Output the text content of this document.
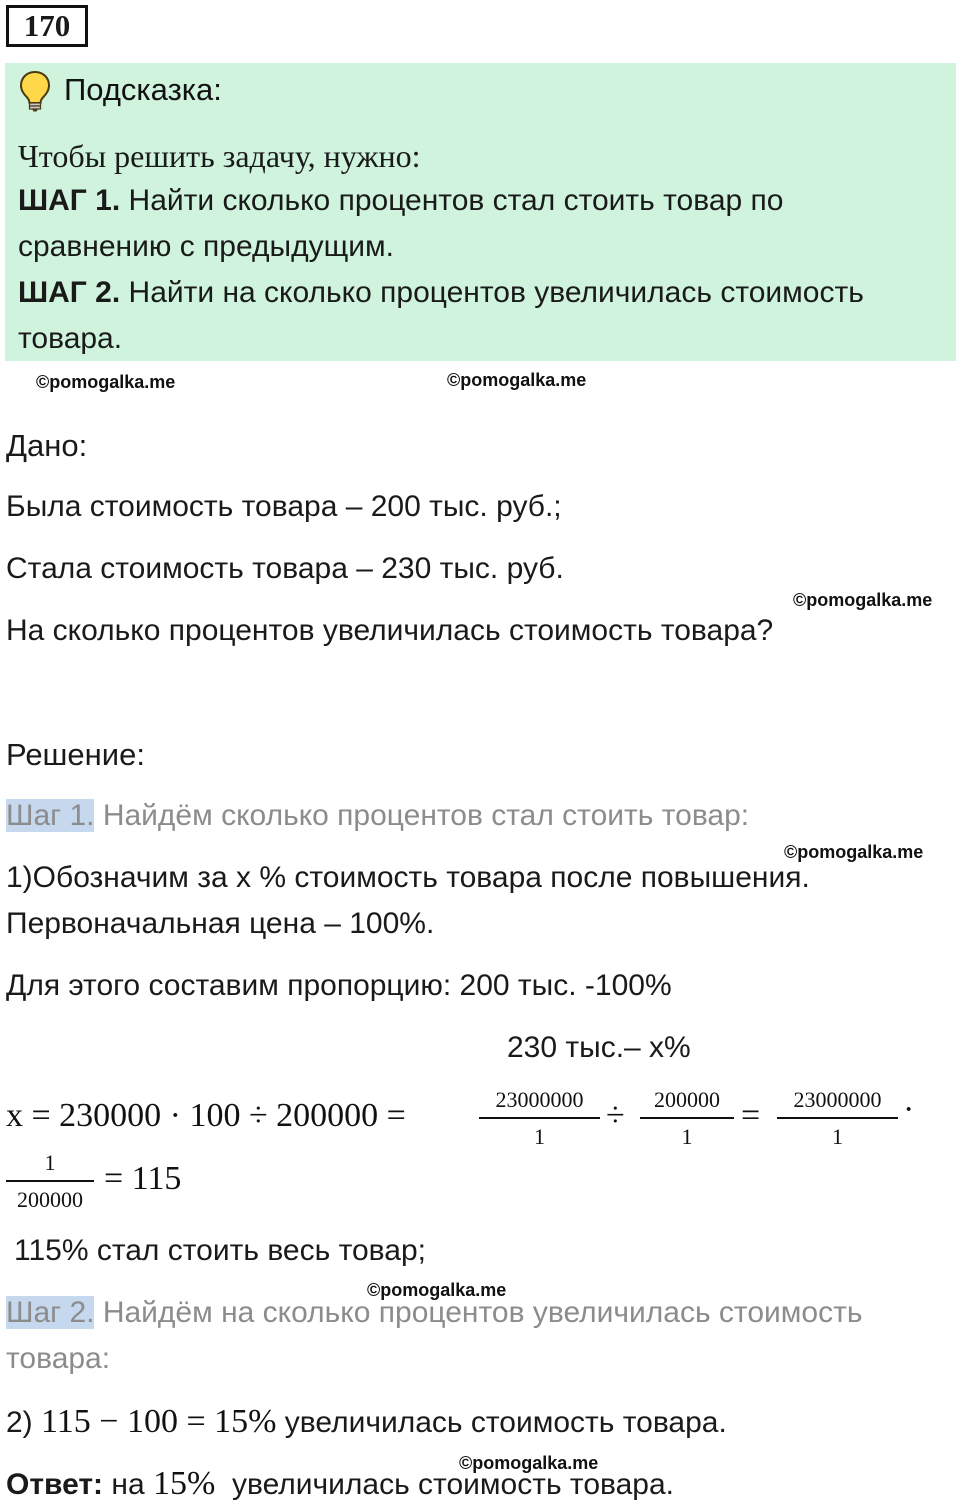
170
Подсказка:
Чтобы решить задачу, нужно:
ШАГ 1. Найти сколько процентов стал стоить товар по
сравнению с предыдущим.
ШАГ 2. Найти на сколько процентов увеличилась стоимость
товара.
©pomogalka.me	©pomogalka.me
©pomogalka.me
©pomogalka.me
©pomogalka.me
©pomogalka.me
Дано:
Была стоимость товара – 200 тыс. руб.;
Стала стоимость товара – 230 тыс. руб.
На сколько процентов увеличилась стоимость товара?
Решение:
Шаг 1. Найдём сколько процентов стал стоить товар:
1)Обозначим за x % стоимость товара после повышения.
Первоначальная цена – 100%.
Для этого составим пропорцию: 200 тыс. -100%
230 тыс.– x%
x = 230000 · 100 ÷ 200000 =	23000000
1
÷	200000
1
=	23000000
1
·
1
200000
= 115
115% стал стоить весь товар;
Шаг 2. Найдём на сколько процентов увеличилась стоимость
товара:
2) 115 − 100 = 15% увеличилась стоимость товара.
Ответ: на 15%  увеличилась стоимость товара.
